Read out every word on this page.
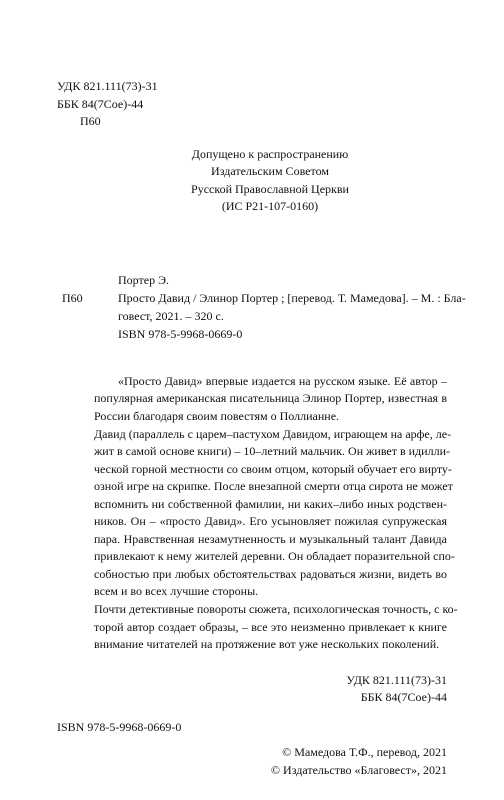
УДК 821.111(73)-31
ББК 84(7Сое)-44
П60
Допущено к распространению
Издательским Советом
Русской Православной Церкви
(ИС Р21-107-0160)
Портер Э.
П60	Просто Давид / Элинор Портер ; [перевод. Т. Мамедова]. – М. : Бла-
говест, 2021. – 320 с.
ISBN 978-5-9968-0669-0
«Просто Давид» впервые издается на русском языке. Её автор –
популярная американская писательница Элинор Портер, известная в
России благодаря своим повестям о Поллианне.
Давид (параллель с царем–пастухом Давидом, играющем на арфе, ле-
жит в самой основе книги) – 10–летний мальчик. Он живет в идилли-
ческой горной местности со своим отцом, который обучает его вирту-
озной игре на скрипке. После внезапной смерти отца сирота не может
вспомнить ни собственной фамилии, ни каких–либо иных родствен-
ников. Он – «просто Давид». Его усыновляет пожилая супружеская
пара. Нравственная незамутненность и музыкальный талант Давида
привлекают к нему жителей деревни. Он обладает поразительной спо-
собностью при любых обстоятельствах радоваться жизни, видеть во
всем и во всех лучшие стороны.
Почти детективные повороты сюжета, психологическая точность, с ко-
торой автор создает образы, – все это неизменно привлекает к книге
внимание читателей на протяжение вот уже нескольких поколений.
УДК 821.111(73)-31
ББК 84(7Сое)-44
ISBN 978-5-9968-0669-0
© Мамедова Т.Ф., перевод, 2021
© Издательство «Благовест», 2021
